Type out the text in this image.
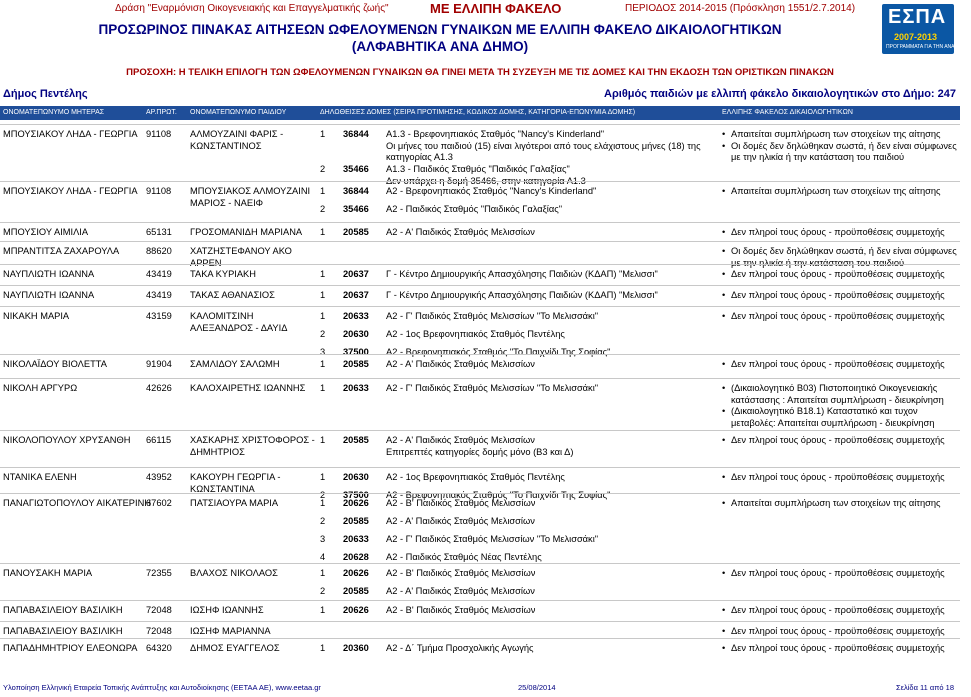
Δράση "Εναρμόνιση Οικογενειακής και Επαγγελματικής ζωής"	ΜΕ ΕΛΛΙΠΗ ΦΑΚΕΛΟ	ΠΕΡΙΟΔΟΣ 2014-2015 (Πρόσκληση 1551/2.7.2014)
ΠΡΟΣΩΡΙΝΟΣ ΠΙΝΑΚΑΣ ΑΙΤΗΣΕΩΝ ΩΦΕΛΟΥΜΕΝΩΝ ΓΥΝΑΙΚΩΝ ΜΕ ΕΛΛΙΠΗ ΦΑΚΕΛΟ ΔΙΚΑΙΟΛΟΓΗΤΙΚΩΝ
(ΑΛΦΑΒΗΤΙΚΑ ΑΝΑ ΔΗΜΟ)
ΠΡΟΣΟΧΗ: Η ΤΕΛΙΚΗ ΕΠΙΛΟΓΗ ΤΩΝ ΩΦΕΛΟΥΜΕΝΩΝ ΓΥΝΑΙΚΩΝ ΘΑ ΓΙΝΕΙ ΜΕΤΑ ΤΗ ΣΥΖΕΥΞΗ ΜΕ ΤΙΣ ΔΟΜΕΣ ΚΑΙ ΤΗΝ ΕΚΔΟΣΗ ΤΩΝ ΟΡΙΣΤΙΚΩΝ ΠΙΝΑΚΩΝ
ΕΣΠΑ
2007-2013
ΠΡΟΓΡΑΜΜΑΤΑ ΓΙΑ ΤΗΝ ΑΝΑΠΤΥΞΗ
Δήμος Πεντέλης	Αριθμός παιδιών με ελλιπή φάκελο δικαιολογητικών στο Δήμο: 247
ΟΝΟΜΑΤΕΠΩΝΥΜΟ ΜΗΤΕΡΑΣ	ΑΡ.ΠΡΩΤ. ΟΝΟΜΑΤΕΠΩΝΥΜΟ ΠΑΙΔΙΟΥ	ΔΗΛΩΘΕΙΣΕΣ ΔΟΜΕΣ (ΣΕΙΡΑ ΠΡΟΤΙΜΗΣΗΣ, ΚΩΔΙΚΟΣ ΔΟΜΗΣ, ΚΑΤΗΓΟΡΙΑ-ΕΠΩΝΥΜΙΑ ΔΟΜΗΣ)	ΕΛΛΙΠΗΣ ΦΑΚΕΛΟΣ ΔΙΚΑΙΟΛΟΓΗΤΙΚΩΝ
ΜΠΟΥΣΙΑΚΟΥ ΛΗΔΑ - ΓΕΩΡΓΙΑ 91108	ΑΛΜΟΥΖΑΙΝΙ ΦΑΡΙΣ - ΚΩΝΣΤΑΝΤΙΝΟΣ
1	36844 Α1.3 - Βρεφονηπιακός Σταθμός "Nancy's Kinderland"
Οι μήνες του παιδιού (15) είναι λιγότεροι από τους ελάχιστους μήνες (18) της κατηγορίας Α1.3
2	35466 Α1.3 - Παιδικός Σταθμός "Παιδικός Γαλαξίας"
Δεν υπάρχει η δομή 35466, στην κατηγορία Α1.3
• Απαιτείται συμπλήρωση των στοιχείων της αίτησης
• Οι δομές δεν δηλώθηκαν σωστά, ή δεν είναι σύμφωνες με την ηλικία ή την κατάσταση του παιδιού
ΜΠΟΥΣΙΑΚΟΥ ΛΗΔΑ - ΓΕΩΡΓΙΑ 91108	ΜΠΟΥΣΙΑΚΟΣ ΑΛΜΟΥΖΑΙΝΙ ΜΑΡΙΟΣ - ΝΑΕΙΦ
1	36844 Α2 - Βρεφονηπιακός Σταθμός "Nancy's Kinderland"
2	35466 Α2 - Παιδικός Σταθμός "Παιδικός Γαλαξίας"
• Απαιτείται συμπλήρωση των στοιχείων της αίτησης
ΜΠΟΥΣΙΟΥ ΑΙΜΙΛΙΑ	65131	ΓΡΟΣΟΜΑΝΙΔΗ ΜΑΡΙΑΝΑ	1	20585 Α2 - Α' Παιδικός Σταθμός Μελισσίων	• Δεν πληροί τους όρους - προϋποθέσεις συμμετοχής
ΜΠΡΑΝΤΙΤΣΑ ΖΑΧΑΡΟΥΛΑ	88620	ΧΑΤΖΗΣΤΕΦΑΝΟΥ ΑΚΟ ΑΡΡΕΝ
• Οι δομές δεν δηλώθηκαν σωστά, ή δεν είναι σύμφωνες με την ηλικία ή την κατάσταση του παιδιού
ΝΑΥΠΛΙΩΤΗ ΙΩΑΝΝΑ	43419	ΤΑΚΑ ΚΥΡΙΑΚΗ	1	20637 Γ - Κέντρο Δημιουργικής Απασχόλησης Παιδιών (ΚΔΑΠ) "Μελισσι"	• Δεν πληροί τους όρους - προϋποθέσεις συμμετοχής
ΝΑΥΠΛΙΩΤΗ ΙΩΑΝΝΑ	43419	ΤΑΚΑΣ ΑΘΑΝΑΣΙΟΣ	1	20637 Γ - Κέντρο Δημιουργικής Απασχόλησης Παιδιών (ΚΔΑΠ) "Μελισσι"	• Δεν πληροί τους όρους - προϋποθέσεις συμμετοχής
ΝΙΚΑΚΗ ΜΑΡΙΑ	43159	ΚΑΛΟΜΙΤΣΙΝΗ ΑΛΕΞΑΝΔΡΟΣ - ΔΑΥΙΔ
1	20633 Α2 - Γ' Παιδικός Σταθμός Μελισσίων "Το Μελισσάκι"
2	20630 Α2 - 1ος Βρεφονηπιακός Σταθμός Πεντέλης
3	37500 Α2 - Βρεφονηπιακός Σταθμός "Το Παιχνίδι Της Σοφίας"
• Δεν πληροί τους όρους - προϋποθέσεις συμμετοχής
ΝΙΚΟΛΑΪΔΟΥ ΒΙΟΛΕΤΤΑ	91904	ΣΑΜΛΙΔΟΥ ΣΑΛΩΜΗ	1	20585 Α2 - Α' Παιδικός Σταθμός Μελισσίων	• Δεν πληροί τους όρους - προϋποθέσεις συμμετοχής
ΝΙΚΟΛΗ ΑΡΓΥΡΩ	42626	ΚΑΛΟΧΑΙΡΕΤΗΣ ΙΩΑΝΝΗΣ	1	20633 Α2 - Γ' Παιδικός Σταθμός Μελισσίων "Το Μελισσάκι"	• (Δικαιολογητικό Β03) Πιστοποιητικό Οικογενειακής κατάστασης : Απαιτείται συμπλήρωση - διευκρίνηση
• (Δικαιολογητικό Β18.1) Καταστατικό και τυχον μεταβολές: Απαιτείται συμπλήρωση - διευκρίνηση
ΝΙΚΟΛΟΠΟΥΛΟΥ ΧΡΥΣΑΝΘΗ	66115	ΧΑΣΚΑΡΗΣ ΧΡΙΣΤΟΦΟΡΟΣ - ΔΗΜΗΤΡΙΟΣ
1	20585 Α2 - Α' Παιδικός Σταθμός Μελισσίων
Επιτρεπτές κατηγορίες δομής μόνο (Β3 και Δ)
• Δεν πληροί τους όρους - προϋποθέσεις συμμετοχής
ΝΤΑΝΙΚΑ ΕΛΕΝΗ	43952	ΚΑΚΟΥΡΗ ΓΕΩΡΓΙΑ - ΚΩΝΣΤΑΝΤΙΝΑ
1	20630 Α2 - 1ος Βρεφονηπιακός Σταθμός Πεντέλης
2	37500 Α2 - Βρεφονηπιακός Σταθμός "Το Παιχνίδι Της Σοφίας"
• Δεν πληροί τους όρους - προϋποθέσεις συμμετοχής
ΠΑΝΑΓΙΩΤΟΠΟΥΛΟΥ ΑΙΚΑΤΕΡΙΝΗ
67602	ΠΑΤΣΙΑΟΥΡΑ ΜΑΡΙΑ	1	20626 Α2 - Β' Παιδικός Σταθμός Μελισσίων
2	20585 Α2 - Α' Παιδικός Σταθμός Μελισσίων
3	20633 Α2 - Γ' Παιδικός Σταθμός Μελισσίων "Το Μελισσάκι"
4	20628 Α2 - Παιδικός Σταθμός Νέας Πεντέλης
• Απαιτείται συμπλήρωση των στοιχείων της αίτησης
ΠΑΝΟΥΣΑΚΗ ΜΑΡΙΑ	72355	ΒΛΑΧΟΣ ΝΙΚΟΛΑΟΣ	1	20626 Α2 - Β' Παιδικός Σταθμός Μελισσίων
2	20585 Α2 - Α' Παιδικός Σταθμός Μελισσίων
• Δεν πληροί τους όρους - προϋποθέσεις συμμετοχής
ΠΑΠΑΒΑΣΙΛΕΙΟΥ ΒΑΣΙΛΙΚΗ	72048	ΙΩΣΗΦ ΙΩΑΝΝΗΣ	1	20626 Α2 - Β' Παιδικός Σταθμός Μελισσίων	• Δεν πληροί τους όρους - προϋποθέσεις συμμετοχής
ΠΑΠΑΒΑΣΙΛΕΙΟΥ ΒΑΣΙΛΙΚΗ	72048	ΙΩΣΗΦ ΜΑΡΙΑΝΝΑ	• Δεν πληροί τους όρους - προϋποθέσεις συμμετοχής
ΠΑΠΑΔΗΜΗΤΡΙΟΥ ΕΛΕΟΝΩΡΑ 64320	ΔΗΜΟΣ ΕΥΑΓΓΕΛΟΣ	1	20360 Α2 - Δ΄ Τμήμα Προσχολικής Αγωγής	• Δεν πληροί τους όρους - προϋποθέσεις συμμετοχής
Υλοποίηση Ελληνική Εταιρεία Τοπικής Ανάπτυξης και Αυτοδιοίκησης (ΕΕΤΑΑ ΑΕ), www.eetaa.gr	25/08/2014	Σελίδα 11 από 18
